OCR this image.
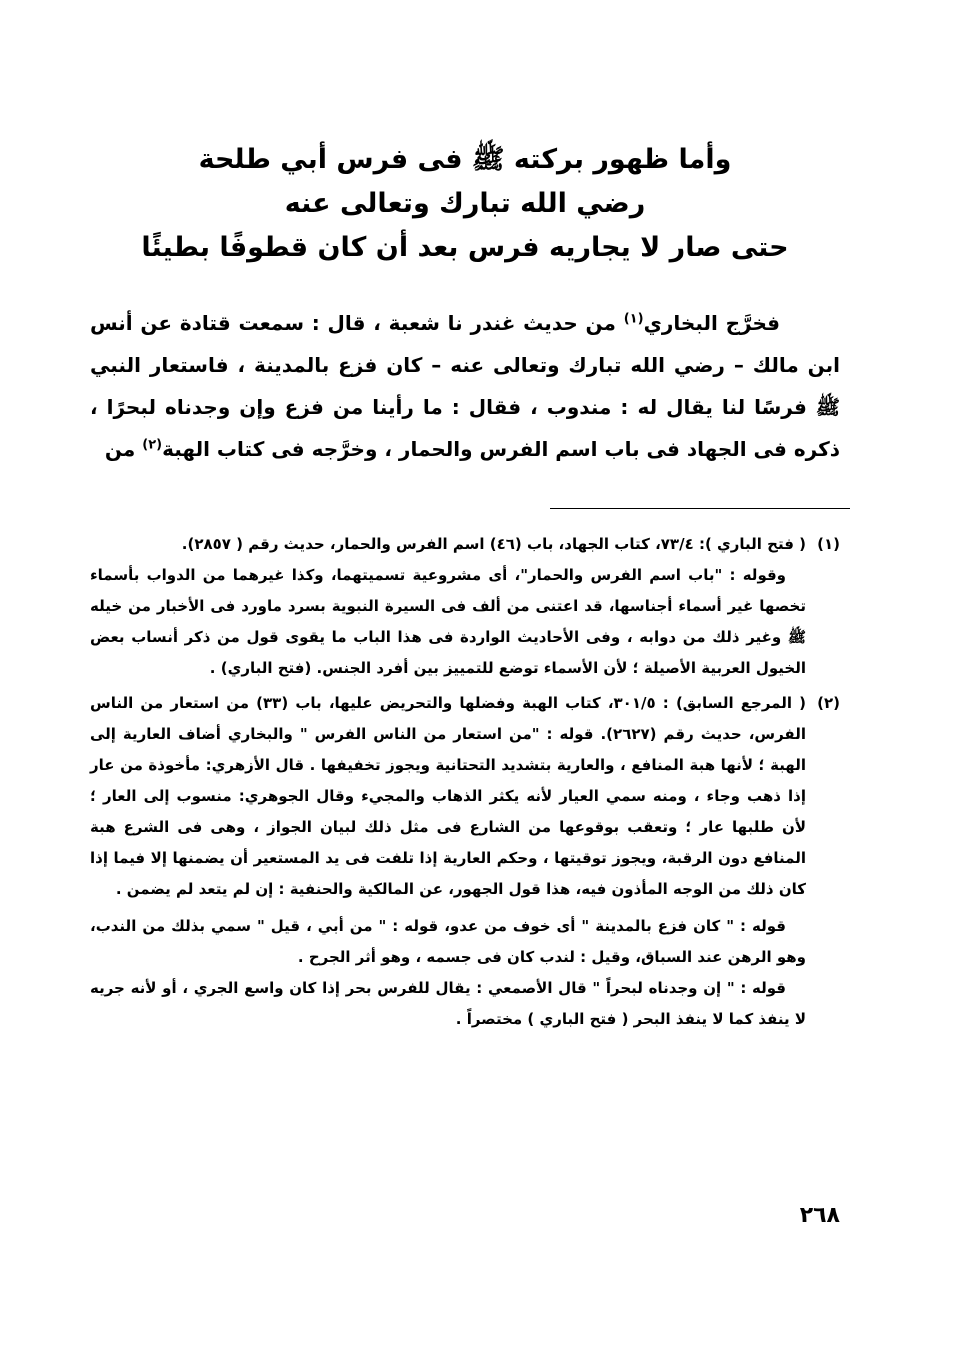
وأما ظهور بركته ﷺ فى فرس أبي طلحة
رضي الله تبارك وتعالى عنه
حتى صار لا يجاريه فرس بعد أن كان قطوفًا بطيئًا

فخرَّج البخاري$^{(١)}$ من حديث غندر نا شعبة ، قال : سمعت قتادة عن أنس ابن مالك – رضي الله تبارك وتعالى عنه – كان فزع بالمدينة ، فاستعار النبي ﷺ فرسًا لنا يقال له : مندوب ، فقال : ما رأينا من فزع وإن وجدناه لبحرًا ، ذكره فى الجهاد فى باب اسم الفرس والحمار ، وخرَّجه فى كتاب الهبة$^{(٢)}$ من

(١)

( فتح الباري ): ٧٣/٤، كتاب الجهاد، باب (٤٦) اسم الفرس والحمار، حديث رقم ( ٢٨٥٧).

وقوله : "باب اسم الفرس والحمار"، أى مشروعية تسميتهما، وكذا غيرهما من الدواب بأسماء تخصها غير أسماء أجناسها، قد اعتنى من ألف فى السيرة النبوية بسرد ماورد فى الأخبار من خيله ﷺ وغير ذلك من دوابه ، وفى الأحاديث الواردة فى هذا الباب ما يقوى قول من ذكر أنساب بعض الخيول العربية الأصيلة ؛ لأن الأسماء توضع للتمييز بين أفرد الجنس. (فتح الباري) .

(٢)

( المرجع السابق) : ٣٠١/٥، كتاب الهبة وفضلها والتحريض عليها، باب (٣٣) من استعار من الناس الفرس، حديث رقم (٢٦٢٧). قوله : "من استعار من الناس الفرس " والبخاري أضاف العارية إلى الهبة ؛ لأنها هبة المنافع ، والعارية بتشديد التحتانية ويجوز تخفيفها . قال الأزهري: مأخوذة من عار إذا ذهب وجاء ، ومنه سمي العيار لأنه يكثر الذهاب والمجيء وقال الجوهري: منسوب إلى العار ؛ لأن طلبها عار ؛ وتعقب بوقوعها من الشارع فى مثل ذلك لبيان الجواز ، وهى فى الشرع هبة المنافع دون الرقبة، ويجوز توقيتها ، وحكم العارية إذا تلفت فى يد المستعير أن يضمنها إلا فيما إذا كان ذلك من الوجه المأذون فيه، هذا قول الجهور، عن المالكية والحنفية : إن لم يتعد لم يضمن .

قوله : " كان فزع بالمدينة " أى خوف من عدو، قوله : " من أبي ، قيل " سمي بذلك من الندب، وهو الرهن عند السباق، وقيل : لندب كان فى جسمه ، وهو أثر الجرح .

قوله : " إن وجدناه لبحراً " قال الأصمعي : يقال للفرس بحر إذا كان واسع الجري ، أو لأنه جريه لا ينفذ كما لا ينفذ البحر ( فتح الباري ) مختصراً .

٢٦٨
